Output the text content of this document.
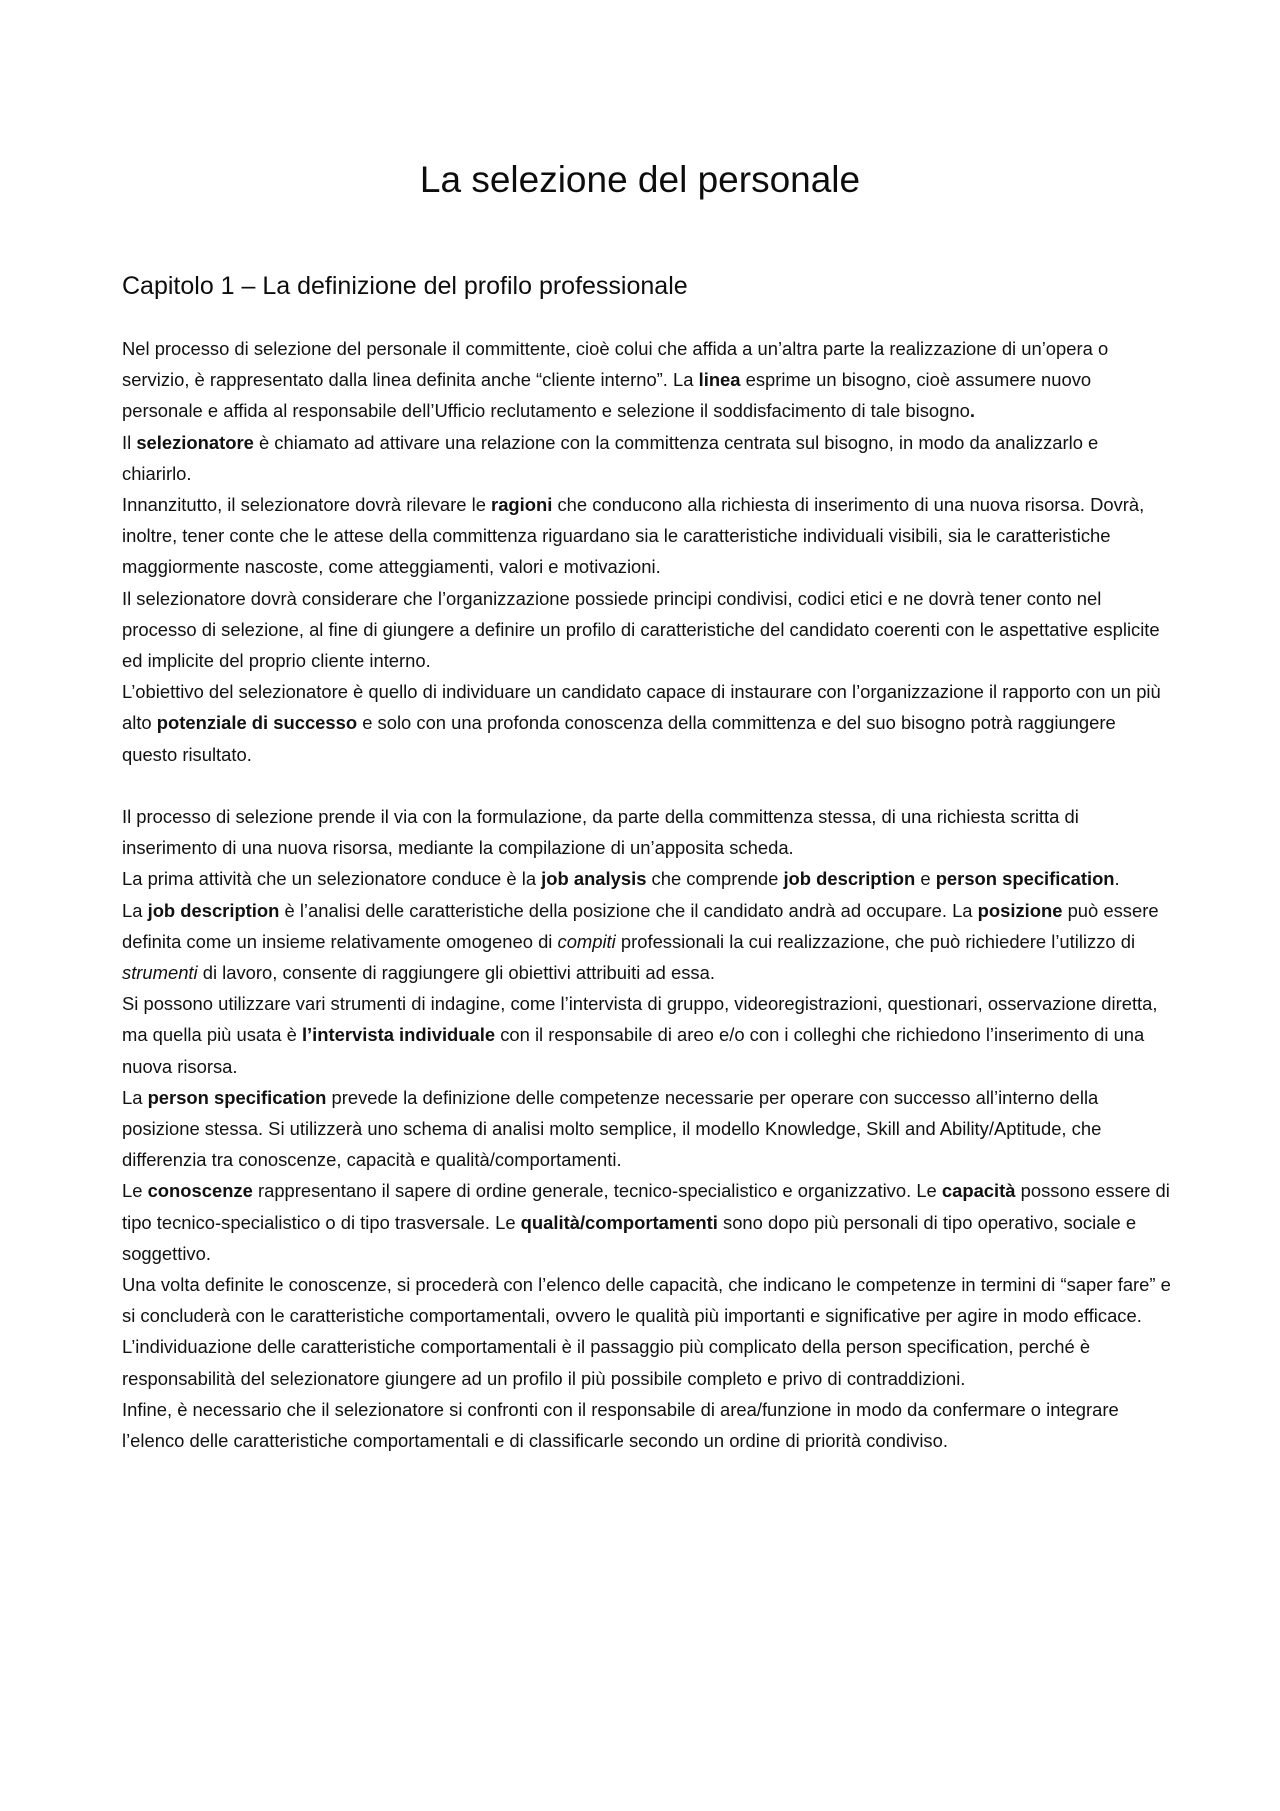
La selezione del personale
Capitolo 1 – La definizione del profilo professionale

Nel processo di selezione del personale il committente, cioè colui che affida a un’altra parte la realizzazione di un’opera o servizio, è rappresentato dalla linea definita anche “cliente interno”. La linea esprime un bisogno, cioè assumere nuovo personale e affida al responsabile dell’Ufficio reclutamento e selezione il soddisfacimento di tale bisogno.

Il selezionatore è chiamato ad attivare una relazione con la committenza centrata sul bisogno, in modo da analizzarlo e chiarirlo.

Innanzitutto, il selezionatore dovrà rilevare le ragioni che conducono alla richiesta di inserimento di una nuova risorsa. Dovrà, inoltre, tener conte che le attese della committenza riguardano sia le caratteristiche individuali visibili, sia le caratteristiche maggiormente nascoste, come atteggiamenti, valori e motivazioni.

Il selezionatore dovrà considerare che l’organizzazione possiede principi condivisi, codici etici e ne dovrà tener conto nel processo di selezione, al fine di giungere a definire un profilo di caratteristiche del candidato coerenti con le aspettative esplicite ed implicite del proprio cliente interno.

L’obiettivo del selezionatore è quello di individuare un candidato capace di instaurare con l’organizzazione il rapporto con un più alto potenziale di successo e solo con una profonda conoscenza della committenza e del suo bisogno potrà raggiungere questo risultato.

Il processo di selezione prende il via con la formulazione, da parte della committenza stessa, di una richiesta scritta di inserimento di una nuova risorsa, mediante la compilazione di un’apposita scheda.

La prima attività che un selezionatore conduce è la job analysis che comprende job description e person specification.

La job description è l’analisi delle caratteristiche della posizione che il candidato andrà ad occupare. La posizione può essere definita come un insieme relativamente omogeneo di compiti professionali la cui realizzazione, che può richiedere l’utilizzo di strumenti di lavoro, consente di raggiungere gli obiettivi attribuiti ad essa.

Si possono utilizzare vari strumenti di indagine, come l’intervista di gruppo, videoregistrazioni, questionari, osservazione diretta, ma quella più usata è l’intervista individuale con il responsabile di areo e/o con i colleghi che richiedono l’inserimento di una nuova risorsa.

La person specification prevede la definizione delle competenze necessarie per operare con successo all’interno della posizione stessa. Si utilizzerà uno schema di analisi molto semplice, il modello Knowledge, Skill and Ability/Aptitude, che differenzia tra conoscenze, capacità e qualità/comportamenti.

Le conoscenze rappresentano il sapere di ordine generale, tecnico-specialistico e organizzativo. Le capacità possono essere di tipo tecnico-specialistico o di tipo trasversale. Le qualità/comportamenti sono dopo più personali di tipo operativo, sociale e soggettivo.

Una volta definite le conoscenze, si procederà con l’elenco delle capacità, che indicano le competenze in termini di “saper fare” e si concluderà con le caratteristiche comportamentali, ovvero le qualità più importanti e significative per agire in modo efficace. L’individuazione delle caratteristiche comportamentali è il passaggio più complicato della person specification, perché è responsabilità del selezionatore giungere ad un profilo il più possibile completo e privo di contraddizioni.

Infine, è necessario che il selezionatore si confronti con il responsabile di area/funzione in modo da confermare o integrare l’elenco delle caratteristiche comportamentali e di classificarle secondo un ordine di priorità condiviso.
